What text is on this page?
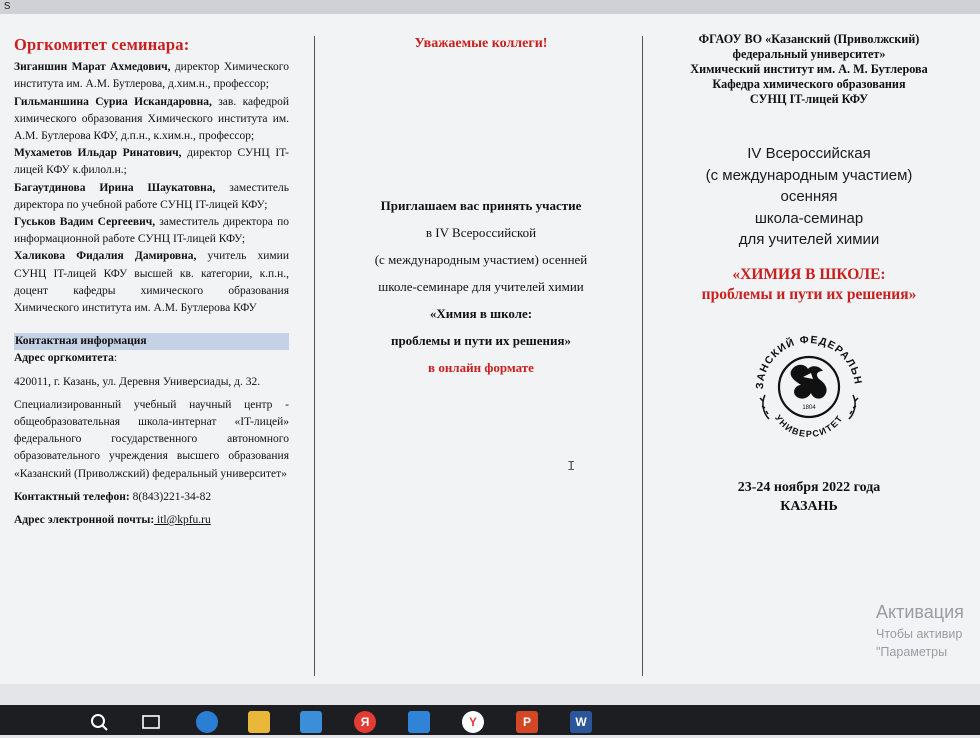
s
Оргкомитет семинара:

Зиганшин Марат Ахмедович, директор Химического института им. А.М. Бутлерова, д.хим.н., профессор;

Гильманшина Суриа Искандаровна, зав. кафедрой химического образования Химического института им. А.М. Бутлерова КФУ, д.п.н., к.хим.н., профессор;

Мухаметов Ильдар Ринатович, директор СУНЦ IT-лицей КФУ к.филол.н.;

Багаутдинова Ирина Шаукатовна, заместитель директора по учебной работе СУНЦ IT-лицей КФУ;

Гуськов Вадим Сергеевич, заместитель директора по информационной работе СУНЦ IT-лицей КФУ;

Халикова Фидалия Дамировна, учитель химии СУНЦ IT-лицей КФУ высшей кв. категории, к.п.н., доцент кафедры химического образования Химического института им. А.М. Бутлерова КФУ

Контактная информация

Адрес оргкомитета:

420011, г. Казань, ул. Деревня Универсиады, д. 32.

Специализированный учебный научный центр - общеобразовательная школа-интернат «IT-лицей» федерального государственного автономного образовательного учреждения высшего образования «Казанский (Приволжский) федеральный университет»

Контактный телефон: 8(843)221-34-82

Адрес электронной почты: itl@kpfu.ru

Уважаемые коллеги!
Приглашаем вас принять участие
в IV Всероссийской
(с международным участием) осенней
школе-семинаре для учителей химии
«Химия в школе:
проблемы и пути их решения»
в онлайн формате
I
ФГАОУ ВО «Казанский (Приволжский)
федеральный университет»
Химический институт им. А. М. Бутлерова
Кафедра химического образования
СУНЦ IT-лицей КФУ
IV Всероссийская
(с международным участием)
осенняя
школа-семинар
для учителей химии
«ХИМИЯ В ШКОЛЕ:
проблемы и пути их решения»
ЗАНСКИЙ ФЕДЕРАЛЬН
УНИВЕРСИТЕТ
1804
23-24 ноября 2022 года
КАЗАНЬ
Активация
Чтобы активир
"Параметры
Я	Y	P	W
